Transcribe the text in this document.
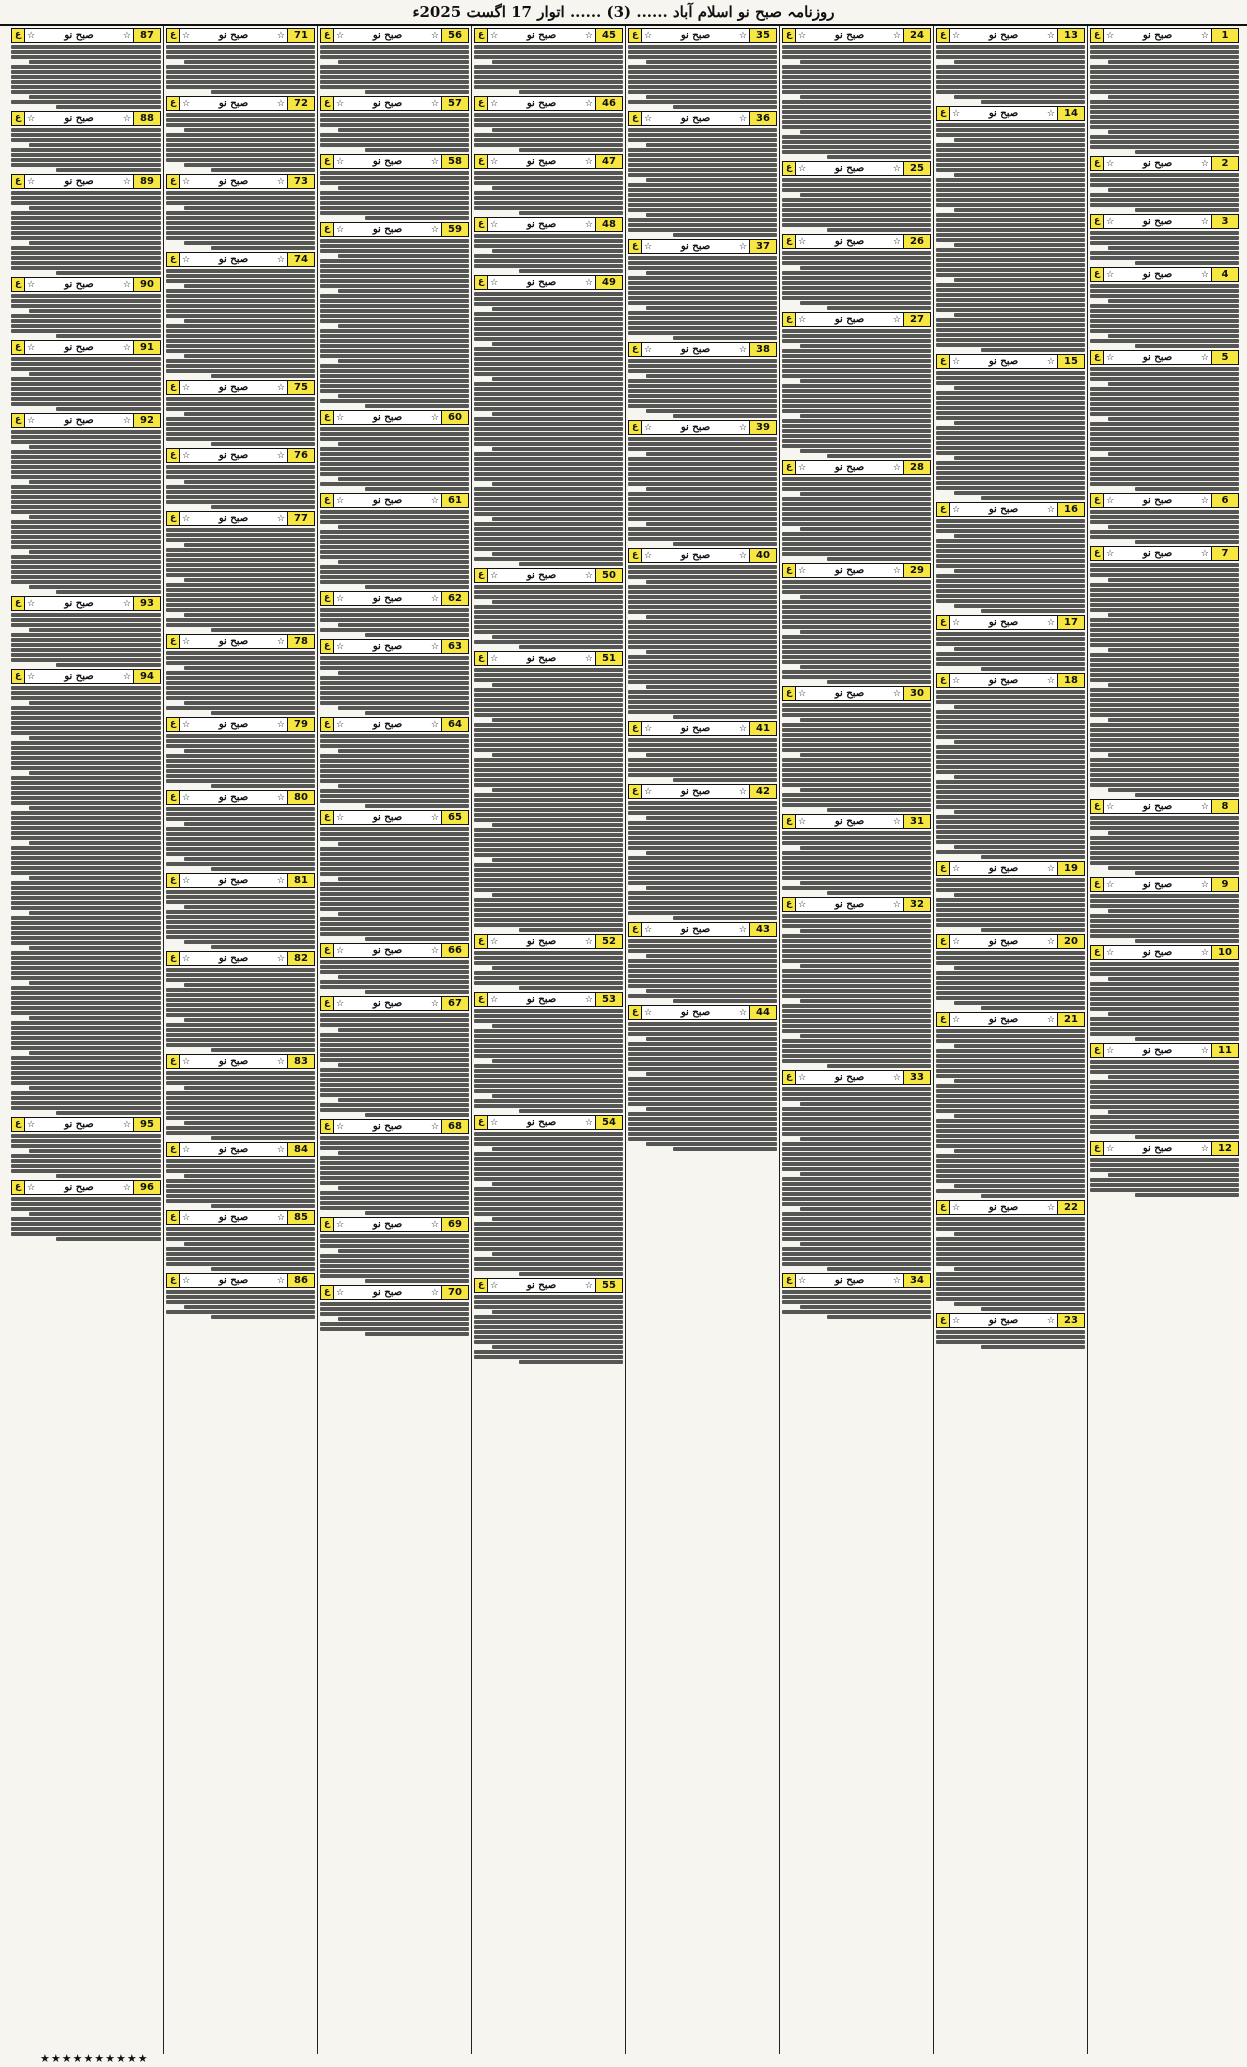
روزنامہ صبح نو اسلام آباد ...... (3) ...... اتوار 17 اگست 2025ء
ع ☆	صبح نو	☆	1
ع ☆	صبح نو	☆	2
ع ☆	صبح نو	☆	3
ع ☆	صبح نو	☆	4
ع ☆	صبح نو	☆	5
ع ☆	صبح نو	☆	6
ع ☆	صبح نو	☆	7
ع ☆	صبح نو	☆	8
ع ☆	صبح نو	☆	9
ع ☆	صبح نو	☆ 10
ع ☆	صبح نو	☆ 11
ع ☆	صبح نو	☆ 12
ع ☆	صبح نو	☆ 13
ع ☆	صبح نو	☆ 14
ع ☆	صبح نو	☆ 15
ع ☆	صبح نو	☆ 16
ع ☆	صبح نو	☆ 17
ع ☆	صبح نو	☆ 18
ع ☆	صبح نو	☆ 19
ع ☆	صبح نو	☆ 20
ع ☆	صبح نو	☆ 21
ع ☆	صبح نو	☆ 22
ع ☆	صبح نو	☆ 23
ع ☆	صبح نو	☆ 24
ع ☆	صبح نو	☆ 25
ع ☆	صبح نو	☆ 26
ع ☆	صبح نو	☆ 27
ع ☆	صبح نو	☆ 28
ع ☆	صبح نو	☆ 29
ع ☆	صبح نو	☆ 30
ع ☆	صبح نو	☆ 31
ع ☆	صبح نو	☆ 32
ع ☆	صبح نو	☆ 33
ع ☆	صبح نو	☆ 34
ع ☆	صبح نو	☆ 35
ع ☆	صبح نو	☆ 36
ع ☆	صبح نو	☆ 37
ع ☆	صبح نو	☆ 38
ع ☆	صبح نو	☆ 39
ع ☆	صبح نو	☆ 40
ع ☆	صبح نو	☆ 41
ع ☆	صبح نو	☆ 42
ع ☆	صبح نو	☆ 43
ع ☆	صبح نو	☆ 44
ع ☆	صبح نو	☆ 45
ع ☆	صبح نو	☆ 46
ع ☆	صبح نو	☆ 47
ع ☆	صبح نو	☆ 48
ع ☆	صبح نو	☆ 49
ع ☆	صبح نو	☆ 50
ع ☆	صبح نو	☆ 51
ع ☆	صبح نو	☆ 52
ع ☆	صبح نو	☆ 53
ع ☆	صبح نو	☆ 54
ع ☆	صبح نو	☆ 55
ع ☆	صبح نو	☆ 56
ع ☆	صبح نو	☆ 57
ع ☆	صبح نو	☆ 58
ع ☆	صبح نو	☆ 59
ع ☆	صبح نو	☆ 60
ع ☆	صبح نو	☆ 61
ع ☆	صبح نو	☆ 62
ع ☆	صبح نو	☆ 63
ع ☆	صبح نو	☆ 64
ع ☆	صبح نو	☆ 65
ع ☆	صبح نو	☆ 66
ع ☆	صبح نو	☆ 67
ع ☆	صبح نو	☆ 68
ع ☆	صبح نو	☆ 69
ع ☆	صبح نو	☆ 70
ع ☆	صبح نو	☆ 71
ع ☆	صبح نو	☆ 72
ع ☆	صبح نو	☆ 73
ع ☆	صبح نو	☆ 74
ع ☆	صبح نو	☆ 75
ع ☆	صبح نو	☆ 76
ع ☆	صبح نو	☆ 77
ع ☆	صبح نو	☆ 78
ع ☆	صبح نو	☆ 79
ع ☆	صبح نو	☆ 80
ع ☆	صبح نو	☆ 81
ع ☆	صبح نو	☆ 82
ع ☆	صبح نو	☆ 83
ع ☆	صبح نو	☆ 84
ع ☆	صبح نو	☆ 85
ع ☆	صبح نو	☆ 86
ع ☆	صبح نو	☆ 87
ع ☆	صبح نو	☆ 88
ع ☆	صبح نو	☆ 89
ع ☆	صبح نو	☆ 90
ع ☆	صبح نو	☆ 91
ع ☆	صبح نو	☆ 92
ع ☆	صبح نو	☆ 93
ع ☆	صبح نو	☆ 94
ع ☆	صبح نو	☆ 95
ع ☆	صبح نو	☆ 96
★★★★★★★★★★
